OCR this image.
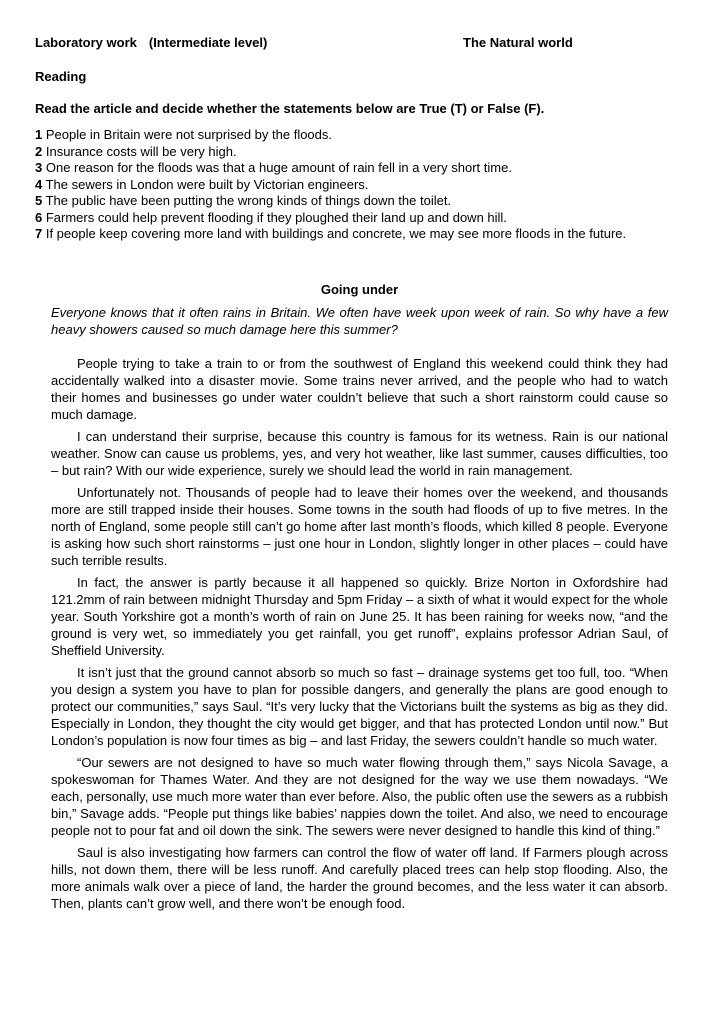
Laboratory work (Intermediate level)	The Natural world
Reading
Read the article and decide whether the statements below are True (T) or False (F).

1 People in Britain were not surprised by the floods.

2 Insurance costs will be very high.

3 One reason for the floods was that a huge amount of rain fell in a very short time.

4 The sewers in London were built by Victorian engineers.

5 The public have been putting the wrong kinds of things down the toilet.

6 Farmers could help prevent flooding if they ploughed their land up and down hill.

7 If people keep covering more land with buildings and concrete, we may see more floods in the future.

Going under

Everyone knows that it often rains in Britain. We often have week upon week of rain. So why have a few heavy showers caused so much damage here this summer?

People trying to take a train to or from the southwest of England this weekend could think they had accidentally walked into a disaster movie. Some trains never arrived, and the people who had to watch their homes and businesses go under water couldn’t believe that such a short rainstorm could cause so much damage.

I can understand their surprise, because this country is famous for its wetness. Rain is our national weather. Snow can cause us problems, yes, and very hot weather, like last summer, causes difficulties, too – but rain? With our wide experience, surely we should lead the world in rain management.

Unfortunately not. Thousands of people had to leave their homes over the weekend, and thousands more are still trapped inside their houses. Some towns in the south had floods of up to five metres. In the north of England, some people still can’t go home after last month’s floods, which killed 8 people. Everyone is asking how such short rainstorms – just one hour in London, slightly longer in other places – could have such terrible results.

In fact, the answer is partly because it all happened so quickly. Brize Norton in Oxfordshire had 121.2mm of rain between midnight Thursday and 5pm Friday – a sixth of what it would expect for the whole year. South Yorkshire got a month’s worth of rain on June 25. It has been raining for weeks now, “and the ground is very wet, so immediately you get rainfall, you get runoff”, explains professor Adrian Saul, of Sheffield University.

It isn’t just that the ground cannot absorb so much so fast – drainage systems get too full, too. “When you design a system you have to plan for possible dangers, and generally the plans are good enough to protect our communities,” says Saul. “It’s very lucky that the Victorians built the systems as big as they did. Especially in London, they thought the city would get bigger, and that has protected London until now.” But London’s population is now four times as big – and last Friday, the sewers couldn’t handle so much water.

“Our sewers are not designed to have so much water flowing through them,” says Nicola Savage, a spokeswoman for Thames Water. And they are not designed for the way we use them nowadays. “We each, personally, use much more water than ever before. Also, the public often use the sewers as a rubbish bin,” Savage adds. “People put things like babies’ nappies down the toilet. And also, we need to encourage people not to pour fat and oil down the sink. The sewers were never designed to handle this kind of thing.”

Saul is also investigating how farmers can control the flow of water off land. If Farmers plough across hills, not down them, there will be less runoff. And carefully placed trees can help stop flooding. Also, the more animals walk over a piece of land, the harder the ground becomes, and the less water it can absorb. Then, plants can’t grow well, and there won’t be enough food.
